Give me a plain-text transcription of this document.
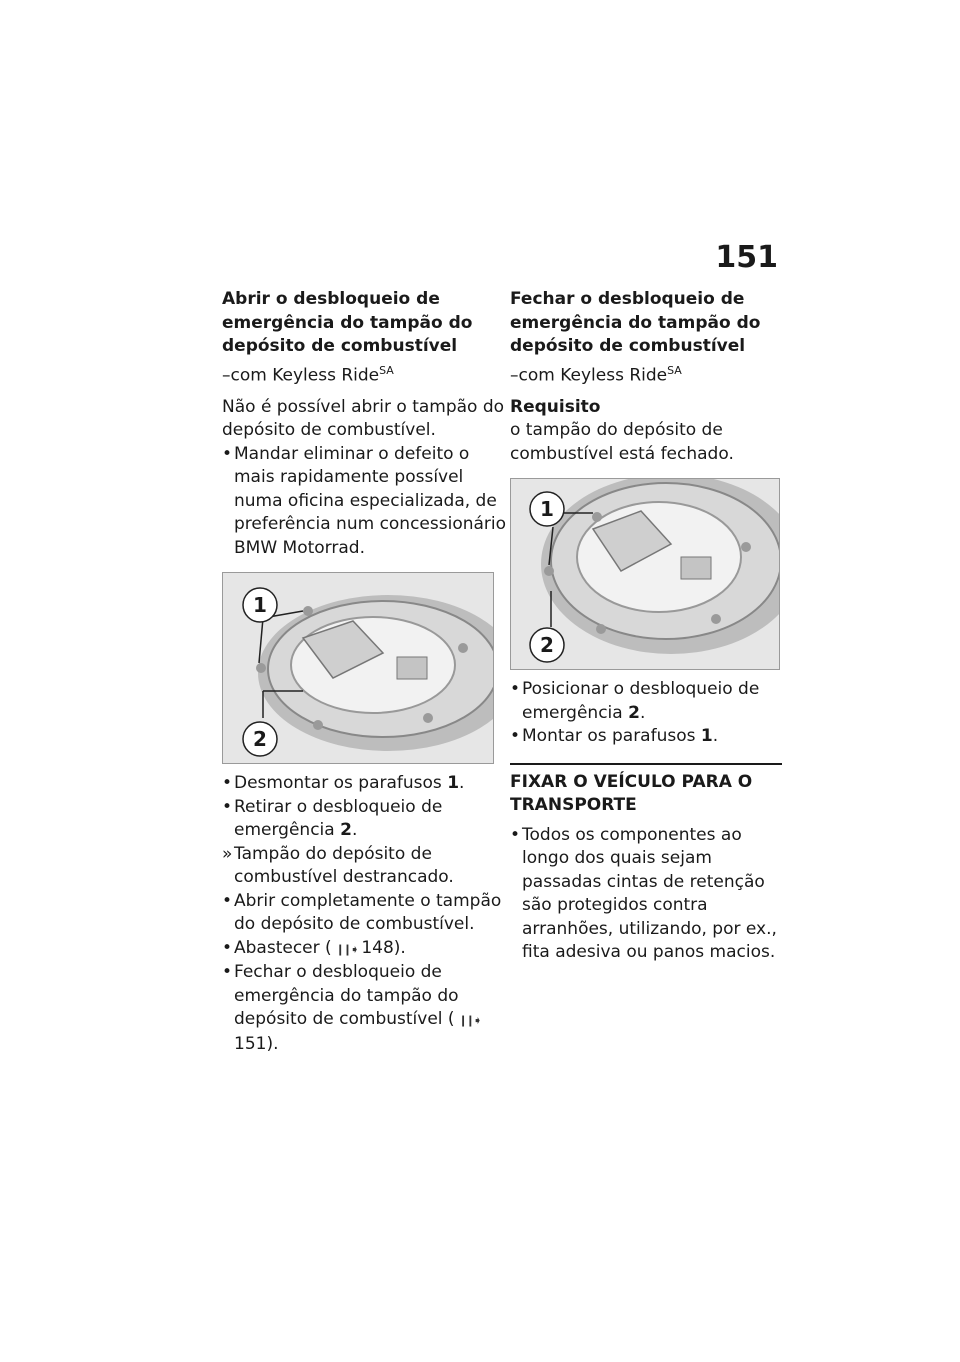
151
Abrir o desbloqueio de emergência do tampão do depósito de combustível

–com Keyless Ride$^{SA}$

Não é possível abrir o tampão do depósito de combustível.

• Mandar eliminar o defeito o mais rapidamente possível numa oficina especializada, de preferência num concessionário BMW Motorrad.
1
2
• Desmontar os parafusos 1.
• Retirar o desbloqueio de emergência 2.
» Tampão do depósito de combustível destrancado.
• Abrir completamente o tampão do depósito de combustível.
• Abastecer ( ❙❙➧ 148).
• Fechar o desbloqueio de emergência do tampão do depósito de combustível ( ❙❙➧151).
Fechar o desbloqueio de emergência do tampão do depósito de combustível

–com Keyless Ride$^{SA}$

Requisito

o tampão do depósito de combustível está fechado.

1
2
• Posicionar o desbloqueio de emergência 2.
• Montar os parafusos 1.
FIXAR O VEÍCULO PARA O TRANSPORTE
• Todos os componentes ao longo dos quais sejam passadas cintas de retenção são protegidos contra arranhões, utilizando, por ex., fita adesiva ou panos macios.
